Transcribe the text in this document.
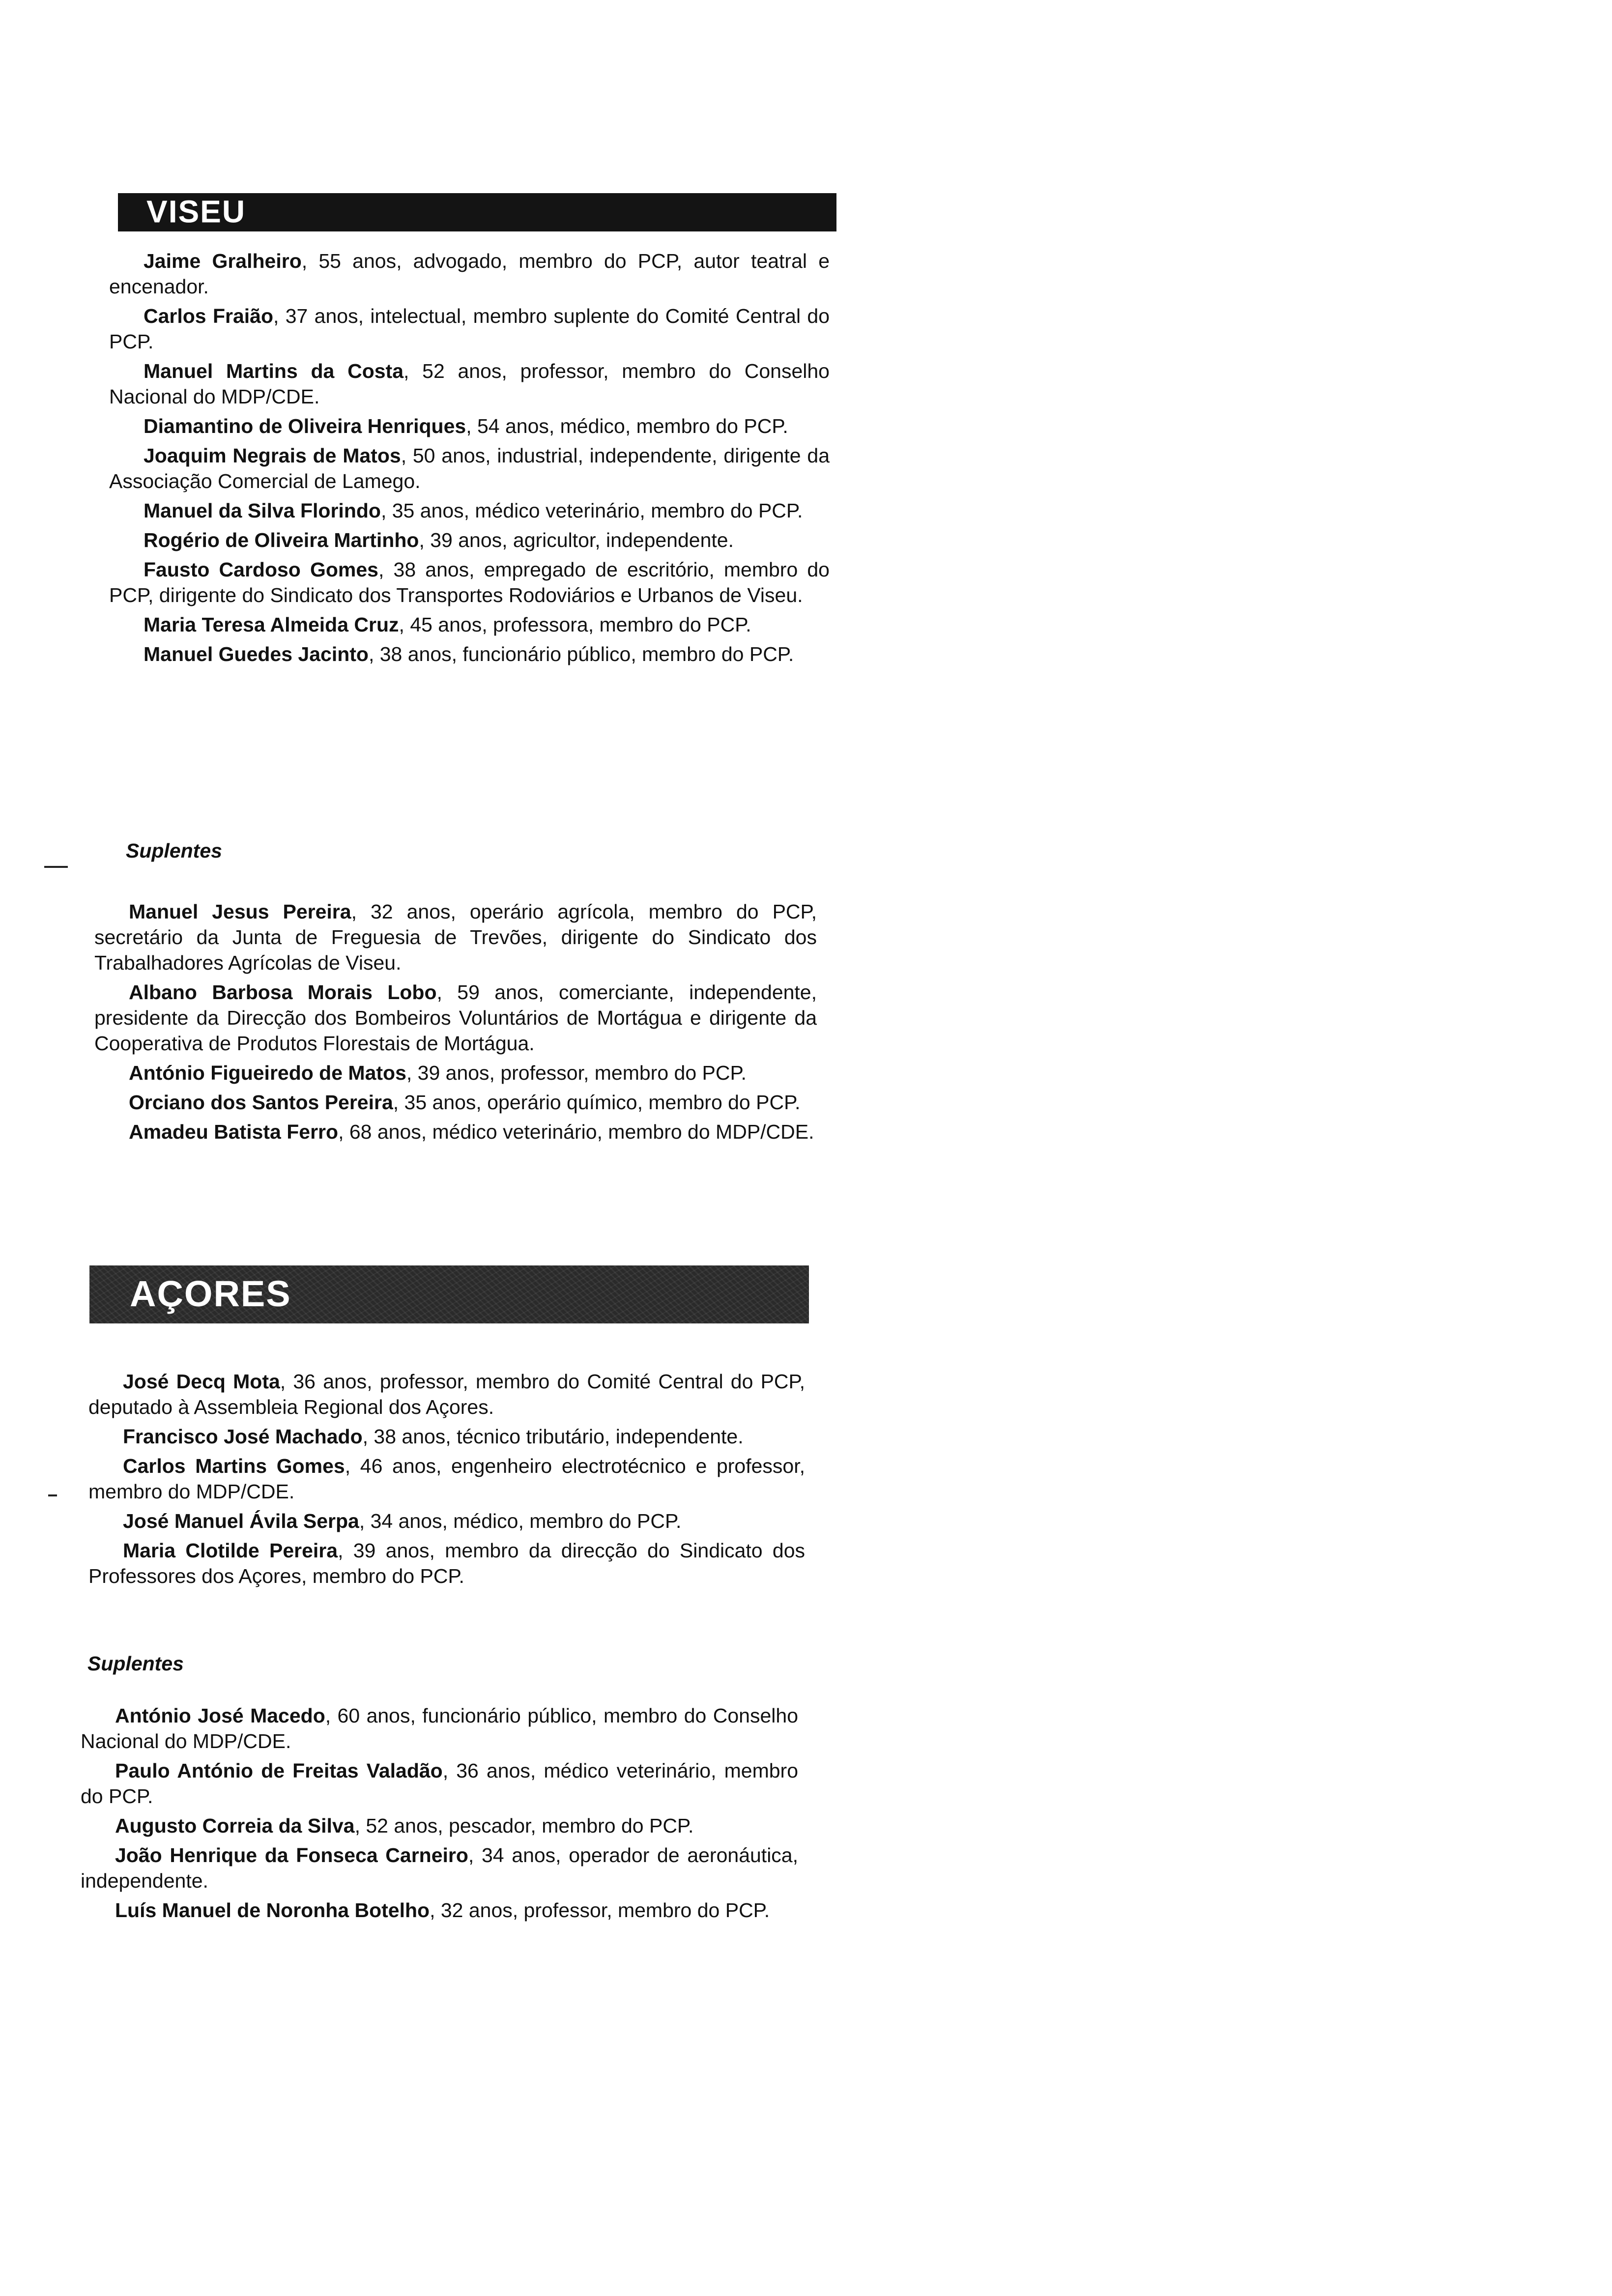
VISEU

Jaime Gralheiro, 55 anos, advogado, membro do PCP, autor teatral e encenador.

Carlos Fraião, 37 anos, intelectual, membro suplente do Comité Central do PCP.

Manuel Martins da Costa, 52 anos, professor, membro do Conselho Nacional do MDP/CDE.

Diamantino de Oliveira Henriques, 54 anos, médico, membro do PCP.

Joaquim Negrais de Matos, 50 anos, industrial, independente, dirigente da Associação Comercial de Lamego.

Manuel da Silva Florindo, 35 anos, médico veterinário, membro do PCP.

Rogério de Oliveira Martinho, 39 anos, agricultor, independente.

Fausto Cardoso Gomes, 38 anos, empregado de escritório, membro do PCP, dirigente do Sindicato dos Transportes Rodoviários e Urbanos de Viseu.

Maria Teresa Almeida Cruz, 45 anos, professora, membro do PCP.

Manuel Guedes Jacinto, 38 anos, funcionário público, membro do PCP.

Suplentes

Manuel Jesus Pereira, 32 anos, operário agrícola, membro do PCP, secretário da Junta de Freguesia de Trevões, dirigente do Sindicato dos Trabalhadores Agrícolas de Viseu.

Albano Barbosa Morais Lobo, 59 anos, comerciante, independente, presidente da Direcção dos Bombeiros Voluntários de Mortágua e dirigente da Cooperativa de Produtos Florestais de Mortágua.

António Figueiredo de Matos, 39 anos, professor, membro do PCP.

Orciano dos Santos Pereira, 35 anos, operário químico, membro do PCP.

Amadeu Batista Ferro, 68 anos, médico veterinário, membro do MDP/CDE.

AÇORES

José Decq Mota, 36 anos, professor, membro do Comité Central do PCP, deputado à Assembleia Regional dos Açores.

Francisco José Machado, 38 anos, técnico tributário, independente.

Carlos Martins Gomes, 46 anos, engenheiro electrotécnico e professor, membro do MDP/CDE.

José Manuel Ávila Serpa, 34 anos, médico, membro do PCP.

Maria Clotilde Pereira, 39 anos, membro da direcção do Sindicato dos Professores dos Açores, membro do PCP.

Suplentes

António José Macedo, 60 anos, funcionário público, membro do Conselho Nacional do MDP/CDE.

Paulo António de Freitas Valadão, 36 anos, médico veterinário, membro do PCP.

Augusto Correia da Silva, 52 anos, pescador, membro do PCP.

João Henrique da Fonseca Carneiro, 34 anos, operador de aeronáutica, independente.

Luís Manuel de Noronha Botelho, 32 anos, professor, membro do PCP.
